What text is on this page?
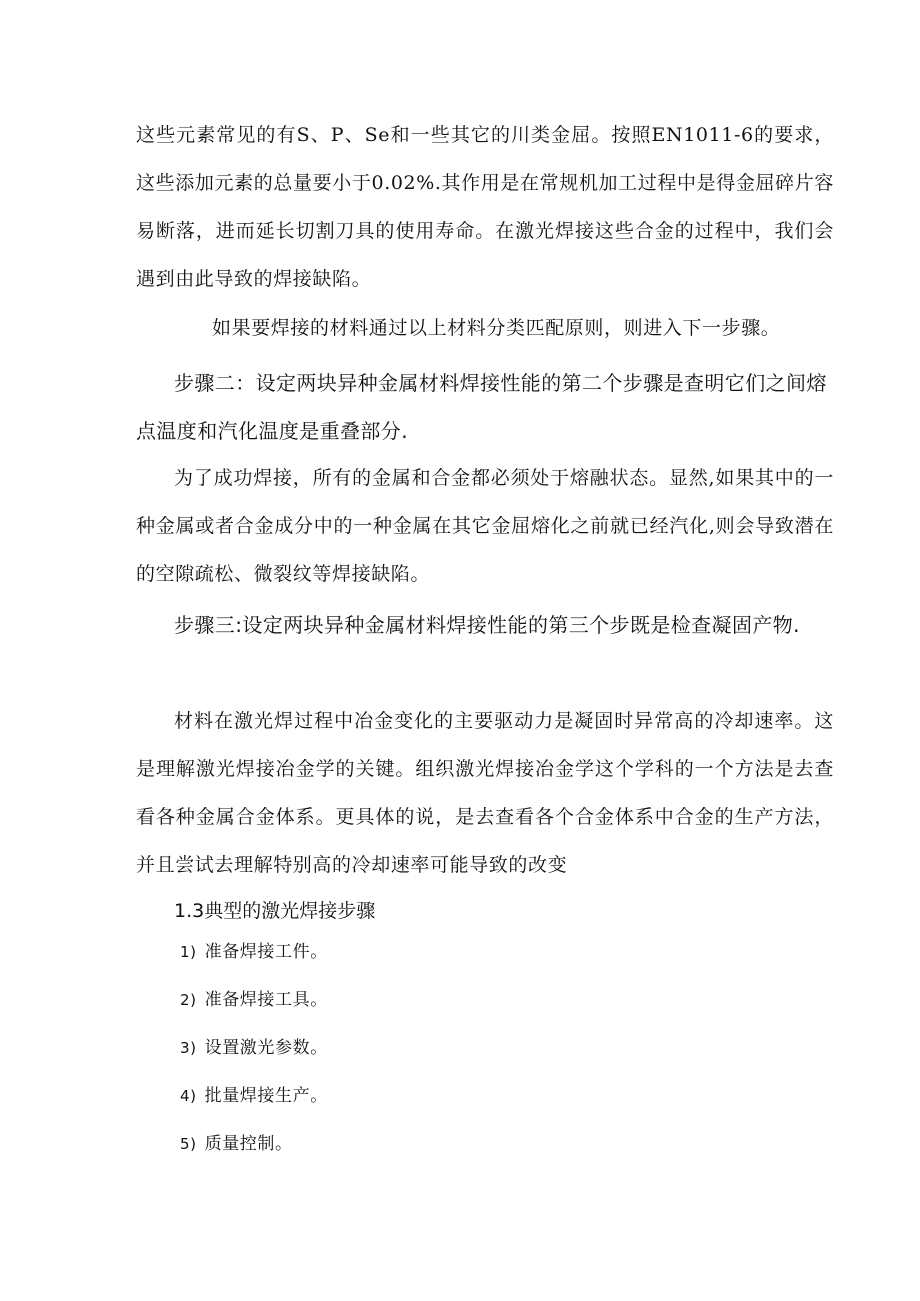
这些元素常见的有S、P、Se和一些其它的川类金屈。按照EN1011-6的要求，这些添加元素的总量要小于0.02%.其作用是在常规机加工过程中是得金屈碎片容易断落，进而延长切割刀具的使用寿命。在激光焊接这些合金的过程中，我们会遇到由此导致的焊接缺陷。

如果要焊接的材料通过以上材料分类匹配原则，则进入下一步骤。

步骤二：设定两块异种金属材料焊接性能的第二个步骤是查明它们之间熔点温度和汽化温度是重叠部分.

为了成功焊接，所有的金属和合金都必须处于熔融状态。显然,如果其中的一种金属或者合金成分中的一种金属在其它金屈熔化之前就已经汽化,则会导致潜在的空隙疏松、微裂纹等焊接缺陷。

步骤三:设定两块异种金属材料焊接性能的第三个步既是检查凝固产物.

材料在激光焊过程中冶金变化的主要驱动力是凝固时异常高的冷却速率。这是理解激光焊接冶金学的关键。组织激光焊接冶金学这个学科的一个方法是去查看各种金属合金体系。更具体的说，是去查看各个合金体系中合金的生产方法，并且尝试去理解特别高的冷却速率可能导致的改变

1.3典型的激光焊接步骤

1) 准备焊接工件。
2) 准备焊接工具。
3) 设置激光参数。
4) 批量焊接生产。
5) 质量控制。
